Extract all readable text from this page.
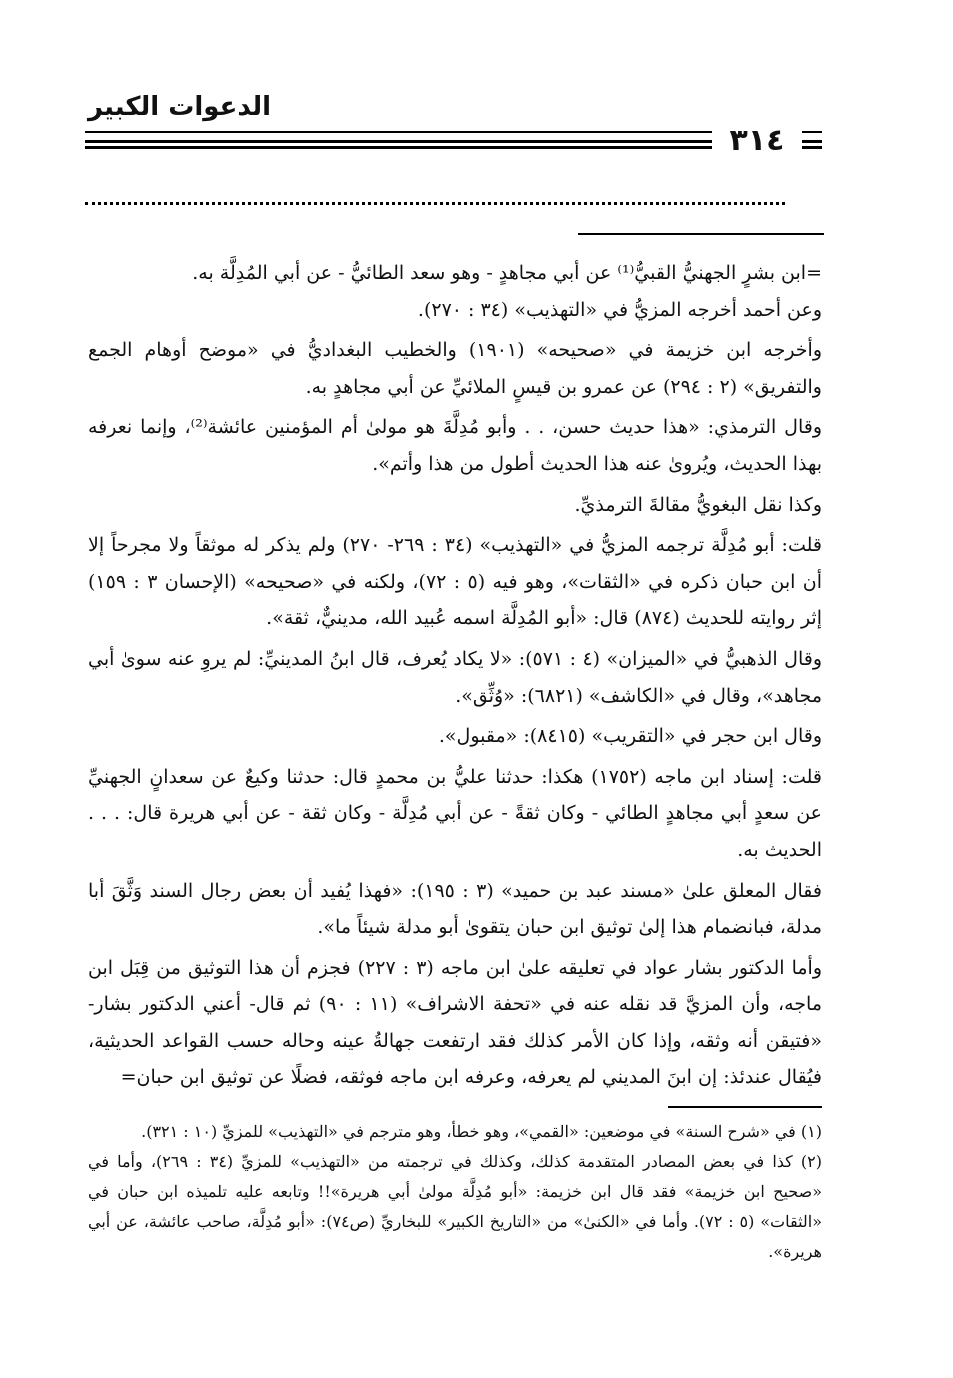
الدعوات الكبير
٣١٤

=ابن بشرٍ الجهنيُّ القبيُّ⁽¹⁾ عن أبي مجاهدٍ - وهو سعد الطائيُّ - عن أبي المُدِلَّة به.

وعن أحمد أخرجه المزيُّ في «التهذيب» (٣٤ : ٢٧٠).

وأخرجه ابن خزيمة في «صحيحه» (١٩٠١) والخطيب البغداديُّ في «موضح أوهام الجمع والتفريق» (٢ : ٢٩٤) عن عمرو بن قيسٍ الملائيِّ عن أبي مجاهدٍ به.

وقال الترمذي: «هذا حديث حسن، . . وأبو مُدِلَّةَ هو مولىٰ أم المؤمنين عائشة⁽²⁾، وإنما نعرفه بهذا الحديث، ويُروىٰ عنه هذا الحديث أطول من هذا وأتم».

وكذا نقل البغويُّ مقالةَ الترمذيِّ.

قلت: أبو مُدِلَّة ترجمه المزيُّ في «التهذيب» (٣٤ : ٢٦٩- ٢٧٠) ولم يذكر له موثقاً ولا مجرحاً إلا أن ابن حبان ذكره في «الثقات»، وهو فيه (٥ : ٧٢)، ولكنه في «صحيحه» (الإحسان ٣ : ١٥٩) إثر روايته للحديث (٨٧٤) قال: «أبو المُدِلَّة اسمه عُبيد الله، مدينيٌّ، ثقة».

وقال الذهبيُّ في «الميزان» (٤ : ٥٧١): «لا يكاد يُعرف، قال ابنُ المدينيِّ: لم يروِ عنه سوىٰ أبي مجاهد»، وقال في «الكاشف» (٦٨٢١): «وُثِّق».

وقال ابن حجر في «التقريب» (٨٤١٥): «مقبول».

قلت: إسناد ابن ماجه (١٧٥٢) هكذا: حدثنا عليُّ بن محمدٍ قال: حدثنا وكيعٌ عن سعدانٍ الجهنيِّ عن سعدٍ أبي مجاهدٍ الطائي - وكان ثقةً - عن أبي مُدِلَّة - وكان ثقة - عن أبي هريرة قال: . . . الحديث به.

فقال المعلق علىٰ «مسند عبد بن حميد» (٣ : ١٩٥): «فهذا يُفيد أن بعض رجال السند وَثَّقَ أبا مدلة، فبانضمام هذا إلىٰ توثيق ابن حبان يتقوىٰ أبو مدلة شيئاً ما».

وأما الدكتور بشار عواد في تعليقه علىٰ ابن ماجه (٣ : ٢٢٧) فجزم أن هذا التوثيق من قِبَل ابن ماجه، وأن المزيَّ قد نقله عنه في «تحفة الاشراف» (١١ : ٩٠) ثم قال- أعني الدكتور بشار- «فتيقن أنه وثقه، وإذا كان الأمر كذلك فقد ارتفعت جهالةُ عينه وحاله حسب القواعد الحديثية، فيُقال عندئذ: إن ابنَ المديني لم يعرفه، وعرفه ابن ماجه فوثقه، فضلًا عن توثيق ابن حبان=

(١) في «شرح السنة» في موضعين: «القمي»، وهو خطأ، وهو مترجم في «التهذيب» للمزيِّ (١٠ : ٣٢١).

(٢) كذا في بعض المصادر المتقدمة كذلك، وكذلك في ترجمته من «التهذيب» للمزيِّ (٣٤ : ٢٦٩)، وأما في «صحيح ابن خزيمة» فقد قال ابن خزيمة: «أبو مُدِلَّة مولىٰ أبي هريرة»!! وتابعه عليه تلميذه ابن حبان في «الثقات» (٥ : ٧٢). وأما في «الكنىٰ» من «التاريخ الكبير» للبخاريِّ (ص٧٤): «أبو مُدِلَّة، صاحب عائشة، عن أبي هريرة».
